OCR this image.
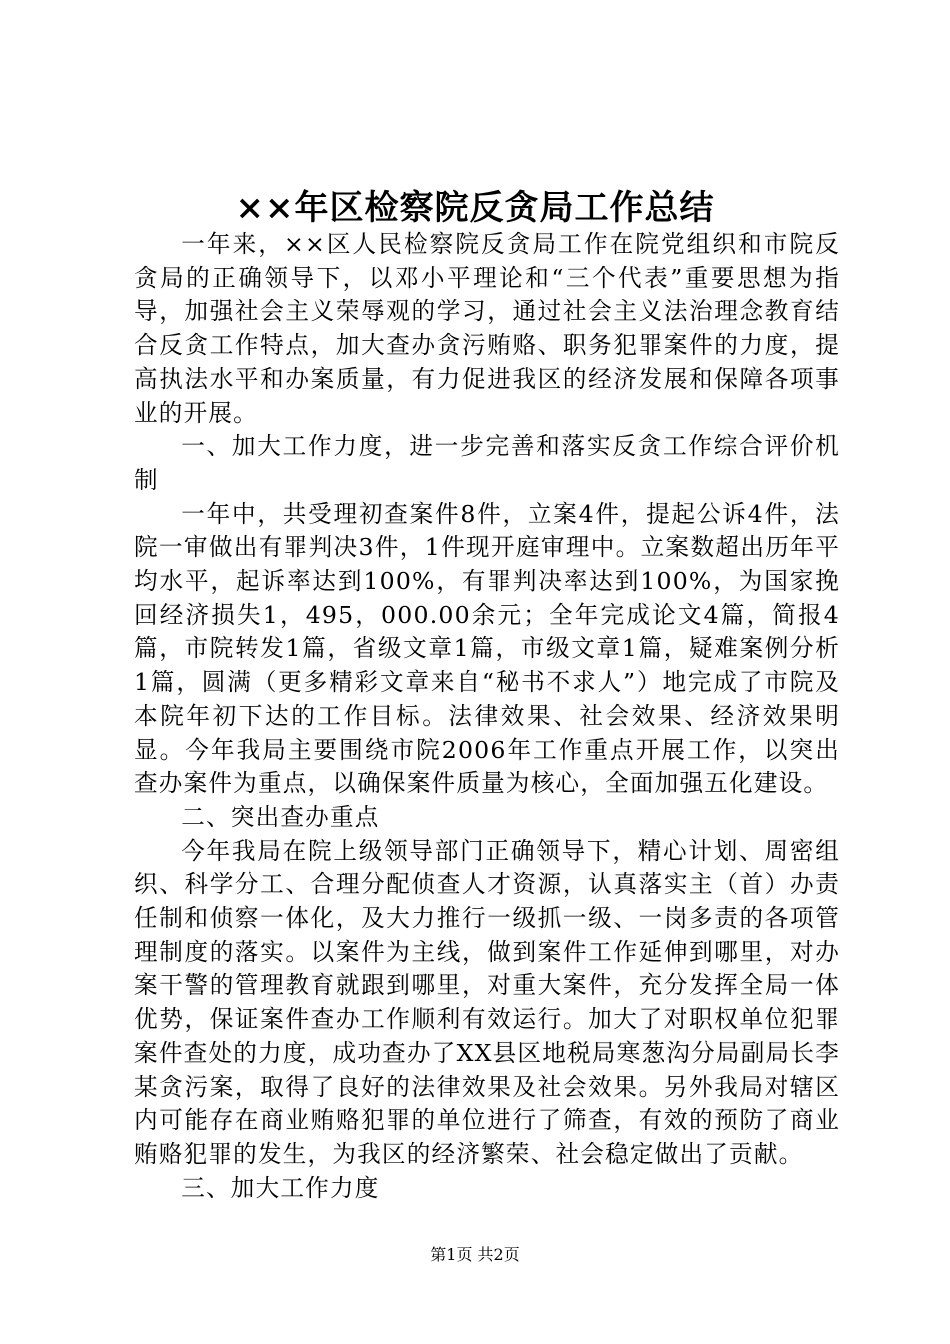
××年区检察院反贪局工作总结

一年来，××区人民检察院反贪局工作在院党组织和市院反贪局的正确领导下，以邓小平理论和“三个代表”重要思想为指导，加强社会主义荣辱观的学习，通过社会主义法治理念教育结合反贪工作特点，加大查办贪污贿赂、职务犯罪案件的力度，提高执法水平和办案质量，有力促进我区的经济发展和保障各项事业的开展。

一、加大工作力度，进一步完善和落实反贪工作综合评价机制

一年中，共受理初查案件8件，立案4件，提起公诉4件，法院一审做出有罪判决3件，1件现开庭审理中。立案数超出历年平均水平，起诉率达到100%，有罪判决率达到100%，为国家挽回经济损失1，495，000.00余元；全年完成论文4篇，简报4篇，市院转发1篇，省级文章1篇，市级文章1篇，疑难案例分析1篇，圆满（更多精彩文章来自“秘书不求人”）地完成了市院及本院年初下达的工作目标。法律效果、社会效果、经济效果明显。今年我局主要围绕市院2006年工作重点开展工作，以突出查办案件为重点，以确保案件质量为核心，全面加强五化建设。

二、突出查办重点

今年我局在院上级领导部门正确领导下，精心计划、周密组织、科学分工、合理分配侦查人才资源，认真落实主（首）办责任制和侦察一体化，及大力推行一级抓一级、一岗多责的各项管理制度的落实。以案件为主线，做到案件工作延伸到哪里，对办案干警的管理教育就跟到哪里，对重大案件，充分发挥全局一体优势，保证案件查办工作顺利有效运行。加大了对职权单位犯罪案件查处的力度，成功查办了XX县区地税局寒葱沟分局副局长李某贪污案，取得了良好的法律效果及社会效果。另外我局对辖区内可能存在商业贿赂犯罪的单位进行了筛查，有效的预防了商业贿赂犯罪的发生，为我区的经济繁荣、社会稳定做出了贡献。

三、加大工作力度

第1页 共2页
